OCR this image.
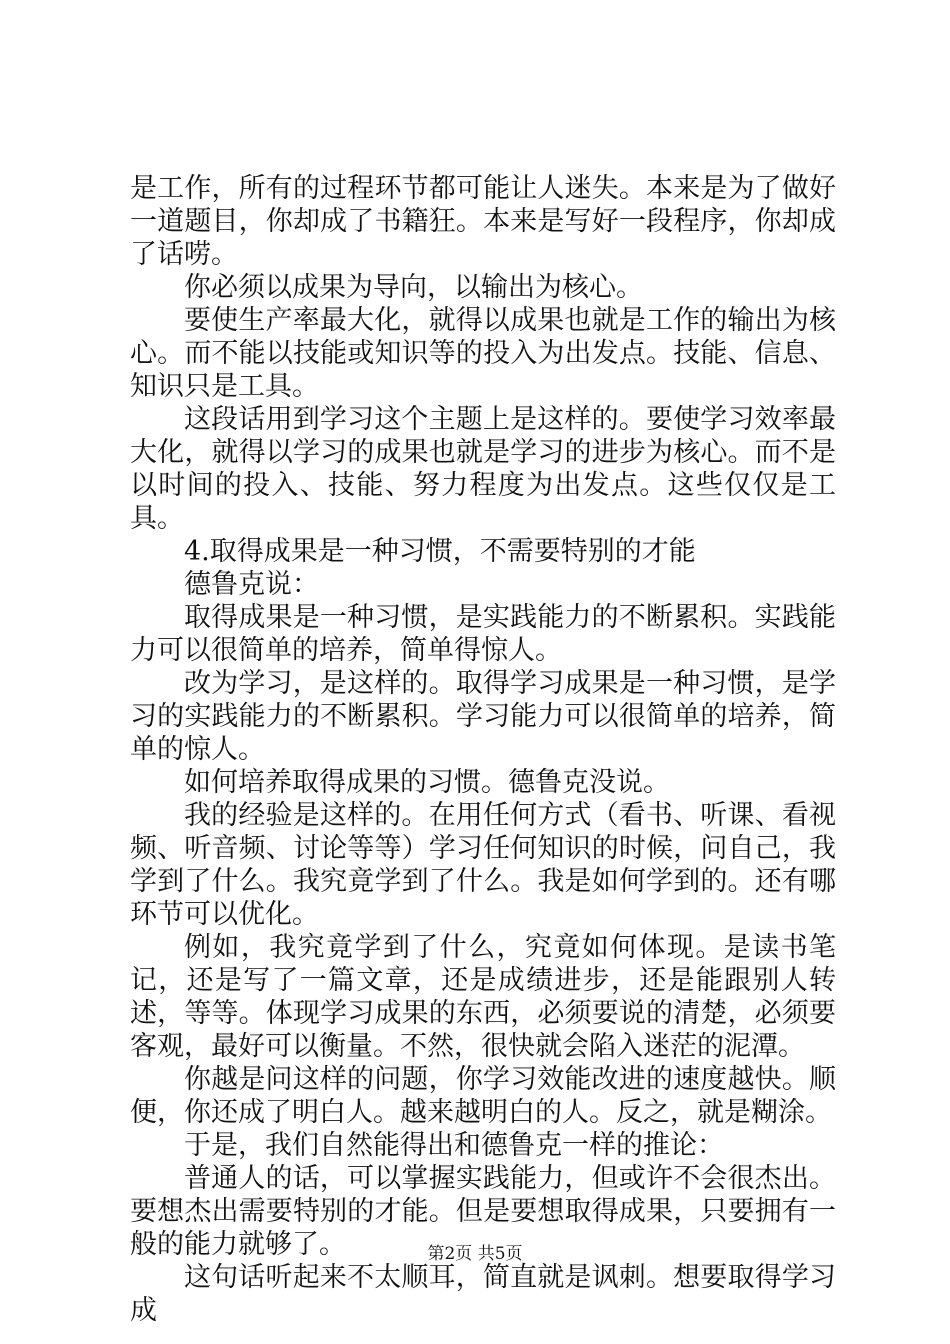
是工作，所有的过程环节都可能让人迷失。本来是为了做好一道题目，你却成了书籍狂。本来是写好一段程序，你却成了话唠。

你必须以成果为导向，以输出为核心。

要使生产率最大化，就得以成果也就是工作的输出为核心。而不能以技能或知识等的投入为出发点。技能、信息、知识只是工具。

这段话用到学习这个主题上是这样的。要使学习效率最大化，就得以学习的成果也就是学习的进步为核心。而不是以时间的投入、技能、努力程度为出发点。这些仅仅是工具。

4.取得成果是一种习惯，不需要特别的才能

德鲁克说：

取得成果是一种习惯，是实践能力的不断累积。实践能力可以很简单的培养，简单得惊人。

改为学习，是这样的。取得学习成果是一种习惯，是学习的实践能力的不断累积。学习能力可以很简单的培养，简单的惊人。

如何培养取得成果的习惯。德鲁克没说。

我的经验是这样的。在用任何方式（看书、听课、看视频、听音频、讨论等等）学习任何知识的时候，问自己，我学到了什么。我究竟学到了什么。我是如何学到的。还有哪环节可以优化。

例如，我究竟学到了什么，究竟如何体现。是读书笔记，还是写了一篇文章，还是成绩进步，还是能跟别人转述，等等。体现学习成果的东西，必须要说的清楚，必须要客观，最好可以衡量。不然，很快就会陷入迷茫的泥潭。

你越是问这样的问题，你学习效能改进的速度越快。顺便，你还成了明白人。越来越明白的人。反之，就是糊涂。

于是，我们自然能得出和德鲁克一样的推论：

普通人的话，可以掌握实践能力，但或许不会很杰出。要想杰出需要特别的才能。但是要想取得成果，只要拥有一般的能力就够了。

这句话听起来不太顺耳，简直就是讽刺。想要取得学习成

第2页 共5页
